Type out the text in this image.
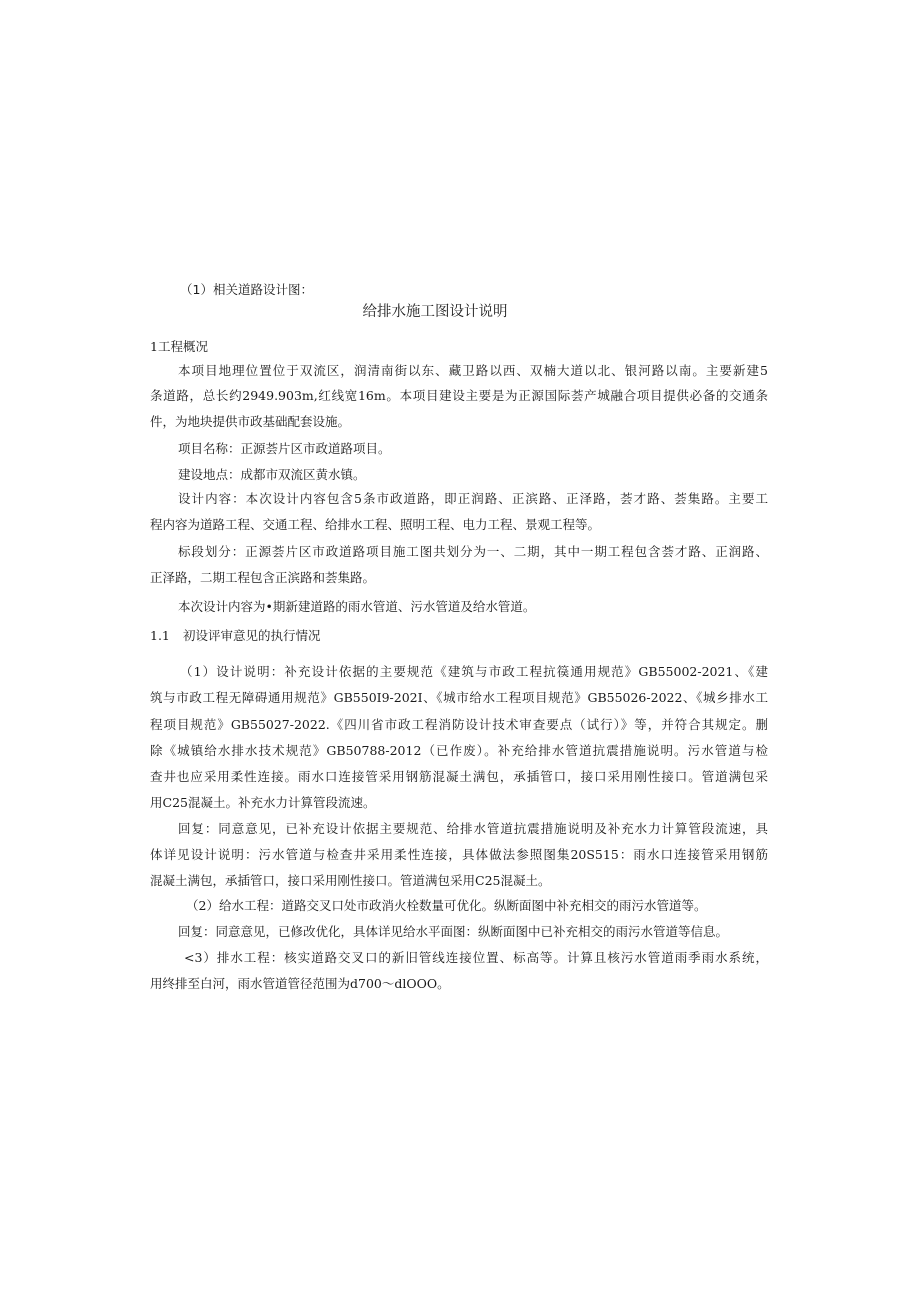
（1）相关道路设计图：
给排水施工图设计说明
1工程概况
本项目地理位置位于双流区，润清南街以东、藏卫路以西、双楠大道以北、银河路以南。主要新建5
条道路，总长约2949.903m,红线宽16m。本项目建设主要是为正源国际荟产城融合项目提供必备的交通条
件，为地块提供市政基础配套设施。
项目名称：正源荟片区市政道路项目。
建设地点：成都市双流区黄水镇。
设计内容：本次设计内容包含5条市政道路，即正润路、正滨路、正泽路，荟才路、荟集路。主要工
程内容为道路工程、交通工程、给排水工程、照明工程、电力工程、景观工程等。
标段划分：正源荟片区市政道路项目施工图共划分为一、二期，其中一期工程包含荟才路、正润路、
正泽路，二期工程包含正滨路和荟集路。
本次设计内容为•期新建道路的雨水管道、污水管道及给水管道。
1.1 初设评审意见的执行情况
（1）设计说明：补充设计依据的主要规范《建筑与市政工程抗篌通用规范》GB55002-2021、《建
筑与市政工程无障碍通用规范》GB550I9-202I、《城市给水工程项目规范》GB55026-2022、《城乡排水工
程项目规范》GB55027-2022.《四川省市政工程消防设计技术审查要点（试行）》等，并符合其规定。删
除《城镇给水排水技术规范》GB50788-2012（已作废）。补充给排水管道抗震措施说明。污水管道与检
查井也应采用柔性连接。雨水口连接管采用钢筋混凝土满包，承插管口，接口采用刚性接口。管道满包采
用C25混凝土。补充水力计算管段流速。
回复：同意意见，已补充设计依据主要规范、给排水管道抗震措施说明及补充水力计算管段流速，具
体详见设计说明：污水管道与检查井采用柔性连接，具体做法参照图集20S515：雨水口连接管采用钢筋
混凝土满包，承插管口，接口采用刚性接口。管道满包采用C25混凝土。
（2）给水工程：道路交叉口处市政消火栓数量可优化。纵断面图中补充相交的雨污水管道等。
回复：同意意见，已修改优化，具体详见给水平面图：纵断面图中已补充相交的雨污水管道等信息。
<3）排水工程：核实道路交叉口的新旧管线连接位置、标高等。计算且核污水管道雨季雨水系统，
用终排至白河，雨水管道管径范围为d700〜dlOOO。
